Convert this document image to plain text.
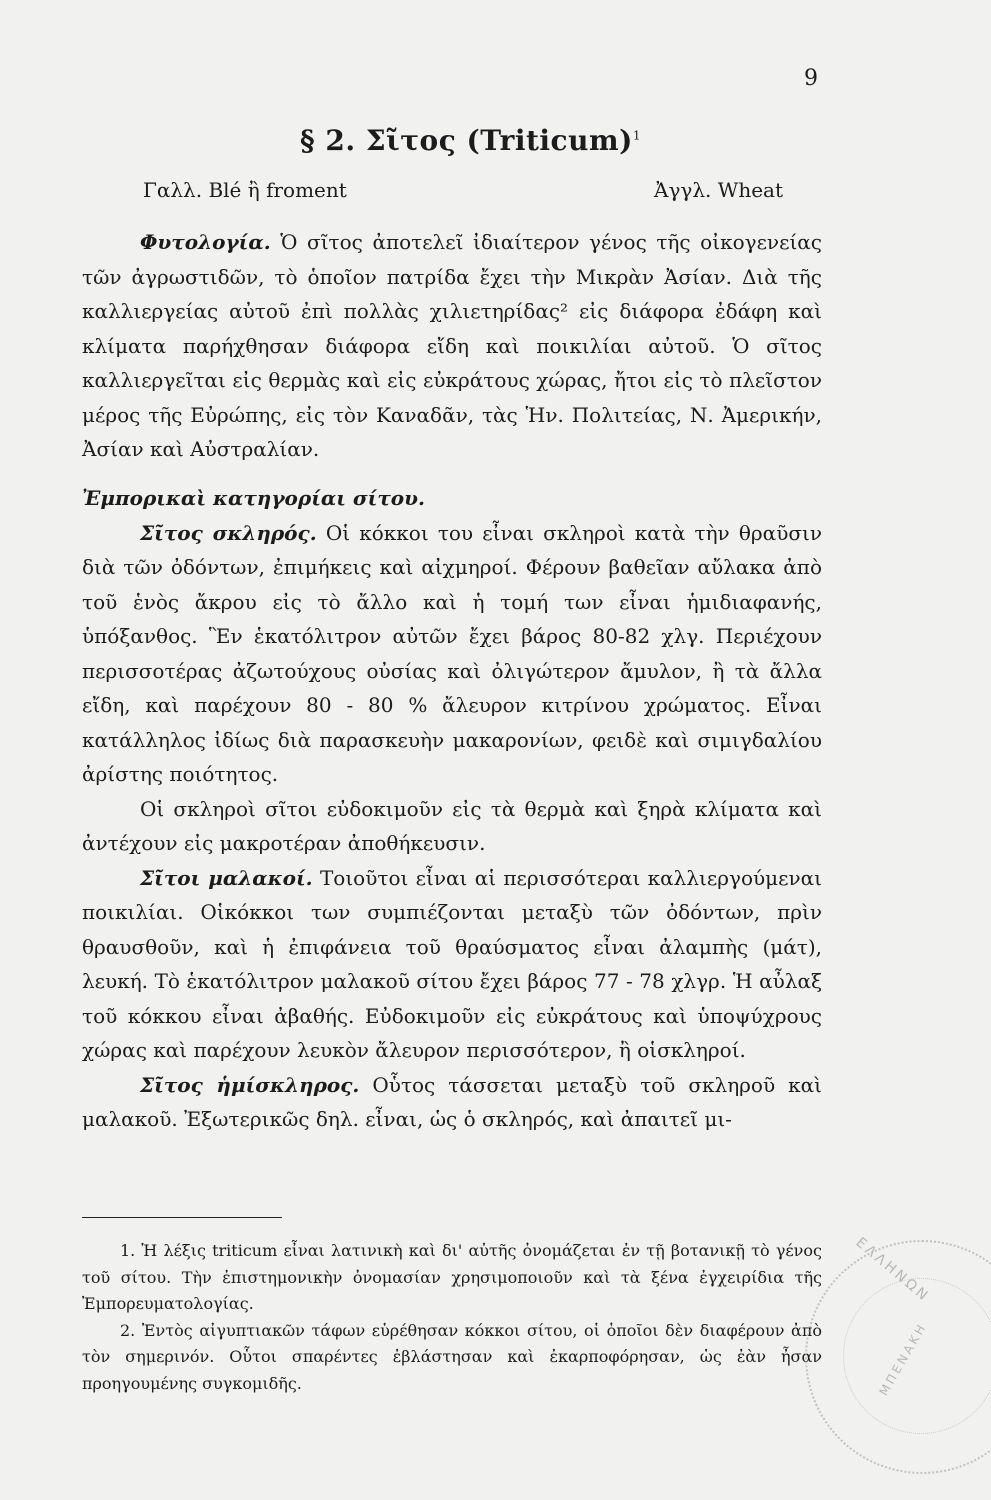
9
§ 2. Σῖτος (Triticum)$^1$
Γαλλ. Blé ἢ froment	Ἀγγλ. Wheat

Φυτολογία. Ὁ σῖτος ἀποτελεῖ ἰδιαίτερον γένος τῆς οἰκογενείας τῶν ἀγρωστιδῶν, τὸ ὁποῖον πατρίδα ἔχει τὴν Μικρὰν Ἀσίαν. Διὰ τῆς καλλιεργείας αὐτοῦ ἐπὶ πολλὰς χιλιετηρίδας² εἰς διάφορα ἐδάφη καὶ κλίματα παρήχθησαν διάφορα εἴδη καὶ ποικιλίαι αὐτοῦ. Ὁ σῖτος καλλιεργεῖται εἰς θερμὰς καὶ εἰς εὐκράτους χώρας, ἤτοι εἰς τὸ πλεῖστον μέρος τῆς Εὐρώπης, εἰς τὸν Καναδᾶν, τὰς Ἡν. Πολιτείας, Ν. Ἀμερικήν, Ἀσίαν καὶ Αὐστραλίαν.

Ἐμπορικαὶ κατηγορίαι σίτου.

Σῖτος σκληρός. Οἱ κόκκοι του εἶναι σκληροὶ κατὰ τὴν θραῦσιν διὰ τῶν ὀδόντων, ἐπιμήκεις καὶ αἰχμηροί. Φέρουν βαθεῖαν αὔλακα ἀπὸ τοῦ ἑνὸς ἄκρου εἰς τὸ ἄλλο καὶ ἡ τομή των εἶναι ἡμιδιαφανής, ὑπόξανθος. Ἓν ἑκατόλιτρον αὐτῶν ἔχει βάρος 80-82 χλγ. Περιέχουν περισσοτέρας ἀζωτούχους οὐσίας καὶ ὀλιγώτερον ἄμυλον, ἢ τὰ ἄλλα εἴδη, καὶ παρέχουν 80 - 80 % ἄλευρον κιτρίνου χρώματος. Εἶναι κατάλληλος ἰδίως διὰ παρασκευὴν μακαρονίων, φειδὲ καὶ σιμιγδαλίου ἀρίστης ποιότητος.

Οἱ σκληροὶ σῖτοι εὐδοκιμοῦν εἰς τὰ θερμὰ καὶ ξηρὰ κλίματα καὶ ἀντέχουν εἰς μακροτέραν ἀποθήκευσιν.

Σῖτοι μαλακοί. Τοιοῦτοι εἶναι αἱ περισσότεραι καλλιεργούμεναι ποικιλίαι. Οἱκόκκοι των συμπιέζονται μεταξὺ τῶν ὀδόντων, πρὶν θραυσθοῦν, καὶ ἡ ἐπιφάνεια τοῦ θραύσματος εἶναι ἀλαμπὴς (μάτ), λευκή. Τὸ ἑκατόλιτρον μαλακοῦ σίτου ἔχει βάρος 77 - 78 χλγρ. Ἡ αὖλαξ τοῦ κόκκου εἶναι ἀβαθής. Εὐδοκιμοῦν εἰς εὐκράτους καὶ ὑποψύχρους χώρας καὶ παρέχουν λευκὸν ἄλευρον περισσότερον, ἢ οἱσκληροί.

Σῖτος ἡμίσκληρος. Οὗτος τάσσεται μεταξὺ τοῦ σκληροῦ καὶ μαλακοῦ. Ἐξωτερικῶς δηλ. εἶναι, ὡς ὁ σκληρός, καὶ ἀπαιτεῖ μι-

1. Ἡ λέξις triticum εἶναι λατινικὴ καὶ δι' αὐτῆς ὀνομάζεται ἐν τῇ βοτανικῇ τὸ γένος τοῦ σίτου. Τὴν ἐπιστημονικὴν ὀνομασίαν χρησιμοποιοῦν καὶ τὰ ξένα ἐγχειρίδια τῆς Ἐμπορευματολογίας.

2. Ἐντὸς αἰγυπτιακῶν τάφων εὑρέθησαν κόκκοι σίτου, οἱ ὁποῖοι δὲν διαφέρουν ἀπὸ τὸν σημερινόν. Οὗτοι σπαρέντες ἐβλάστησαν καὶ ἐκαρποφόρησαν, ὡς ἐὰν ἦσαν προηγουμένης συγκομιδῆς.

ΕΛΛΗΝΩΝ
ΜΠΕΝΑΚΗ
